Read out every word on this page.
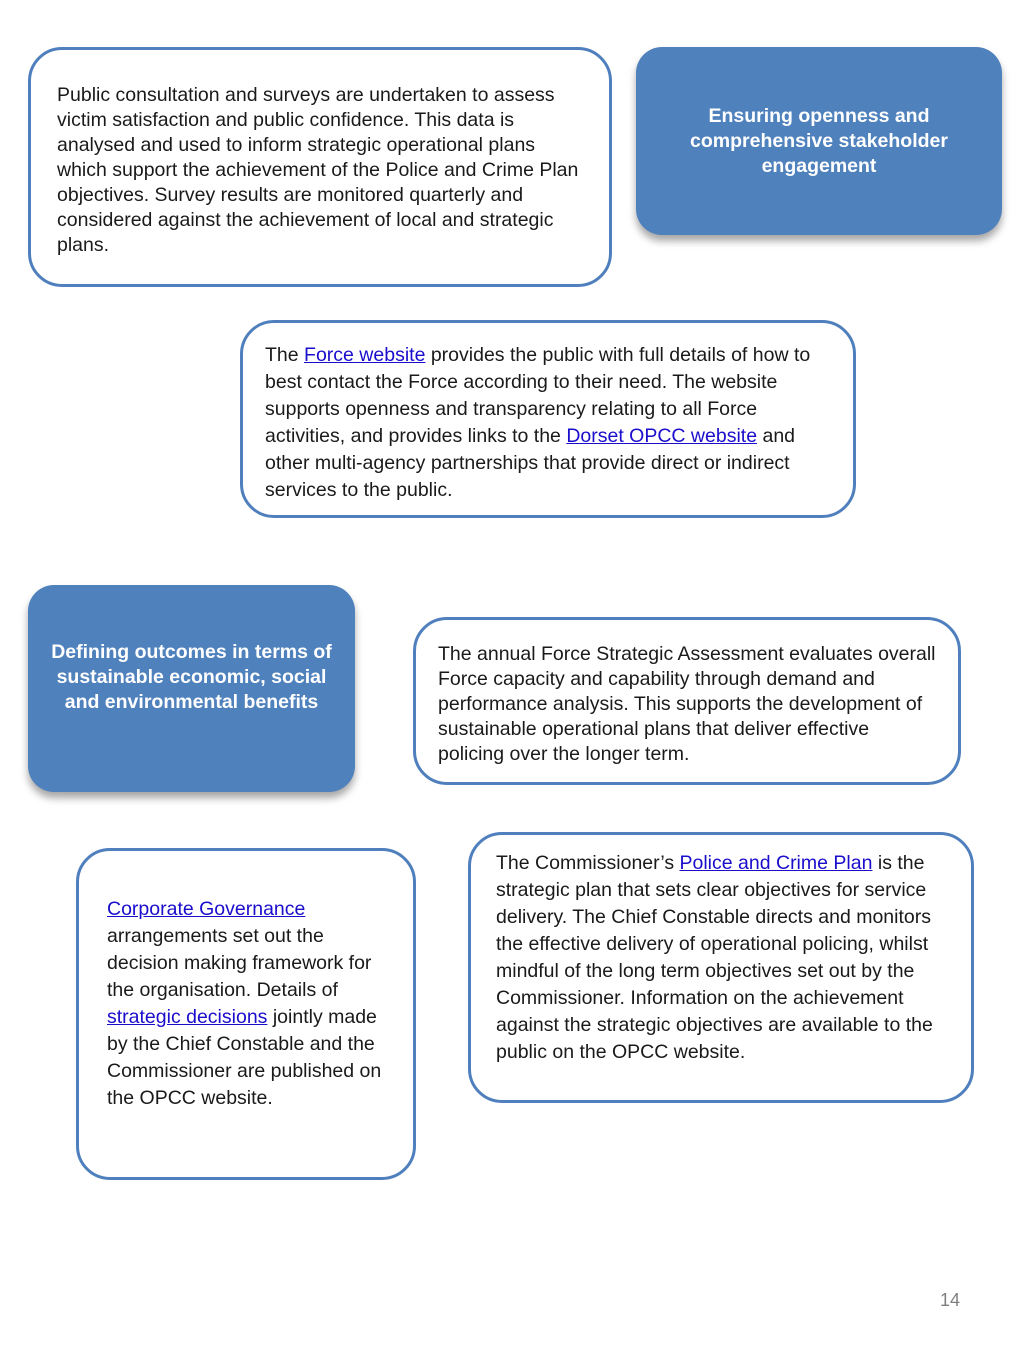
Public consultation and surveys are undertaken to assess victim satisfaction and public confidence. This data is analysed and used to inform strategic operational plans which support the achievement of the Police and Crime Plan objectives. Survey results are monitored quarterly and considered against the achievement of local and strategic plans.

Ensuring openness and comprehensive stakeholder engagement

The Force website provides the public with full details of how to best contact the Force according to their need. The website supports openness and transparency relating to all Force activities, and provides links to the Dorset OPCC website and other multi-agency partnerships that provide direct or indirect services to the public.

Defining outcomes in terms of sustainable economic, social and environmental benefits

The annual Force Strategic Assessment evaluates overall Force capacity and capability through demand and performance analysis. This supports the development of sustainable operational plans that deliver effective policing over the longer term.

Corporate Governance arrangements set out the decision making framework for the organisation. Details of strategic decisions jointly made by the Chief Constable and the Commissioner are published on the OPCC website.

The Commissioner’s Police and Crime Plan is the strategic plan that sets clear objectives for service delivery. The Chief Constable directs and monitors the effective delivery of operational policing, whilst mindful of the long term objectives set out by the Commissioner. Information on the achievement against the strategic objectives are available to the public on the OPCC website.

14
